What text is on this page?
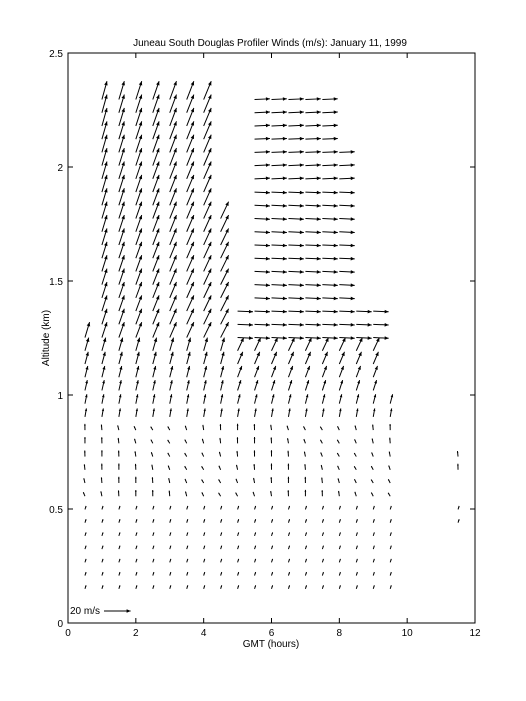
Juneau South Douglas Profiler Winds (m/s): January 11, 1999
0	2	4	6	8	10	12
0
0.5
1
1.5
2
2.5
GMT (hours)
Altitude (km)
20 m/s
